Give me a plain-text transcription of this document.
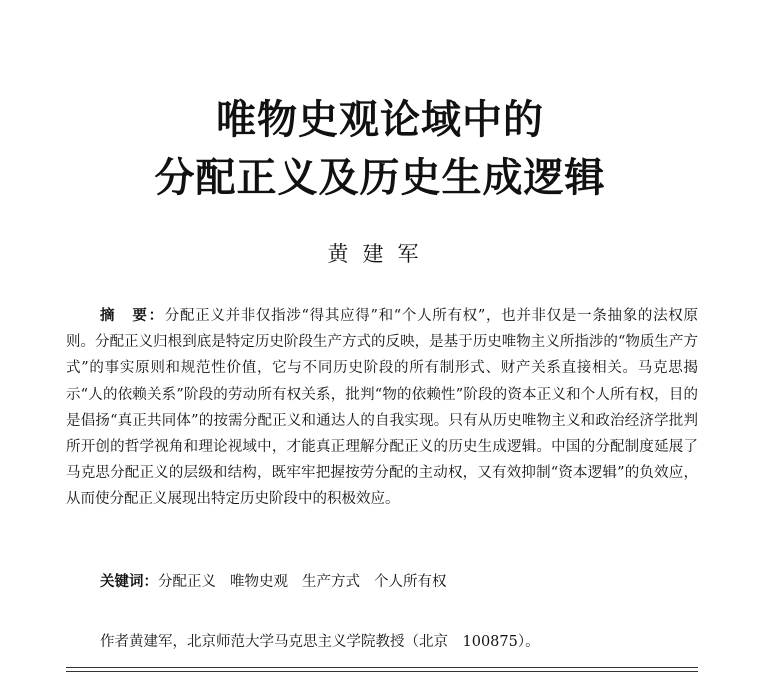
唯物史观论域中的
分配正义及历史生成逻辑

黄建军

摘　要：分配正义并非仅指涉“得其应得”和“个人所有权”，也并非仅是一条抽象的法权原则。分配正义归根到底是特定历史阶段生产方式的反映，是基于历史唯物主义所指涉的“物质生产方式”的事实原则和规范性价值，它与不同历史阶段的所有制形式、财产关系直接相关。马克思揭示“人的依赖关系”阶段的劳动所有权关系，批判“物的依赖性”阶段的资本正义和个人所有权，目的是倡扬“真正共同体”的按需分配正义和通达人的自我实现。只有从历史唯物主义和政治经济学批判所开创的哲学视角和理论视域中，才能真正理解分配正义的历史生成逻辑。中国的分配制度延展了马克思分配正义的层级和结构，既牢牢把握按劳分配的主动权，又有效抑制“资本逻辑”的负效应，从而使分配正义展现出特定历史阶段中的积极效应。

关键词：分配正义 唯物史观 生产方式 个人所有权

作者黄建军，北京师范大学马克思主义学院教授（北京　100875）。
